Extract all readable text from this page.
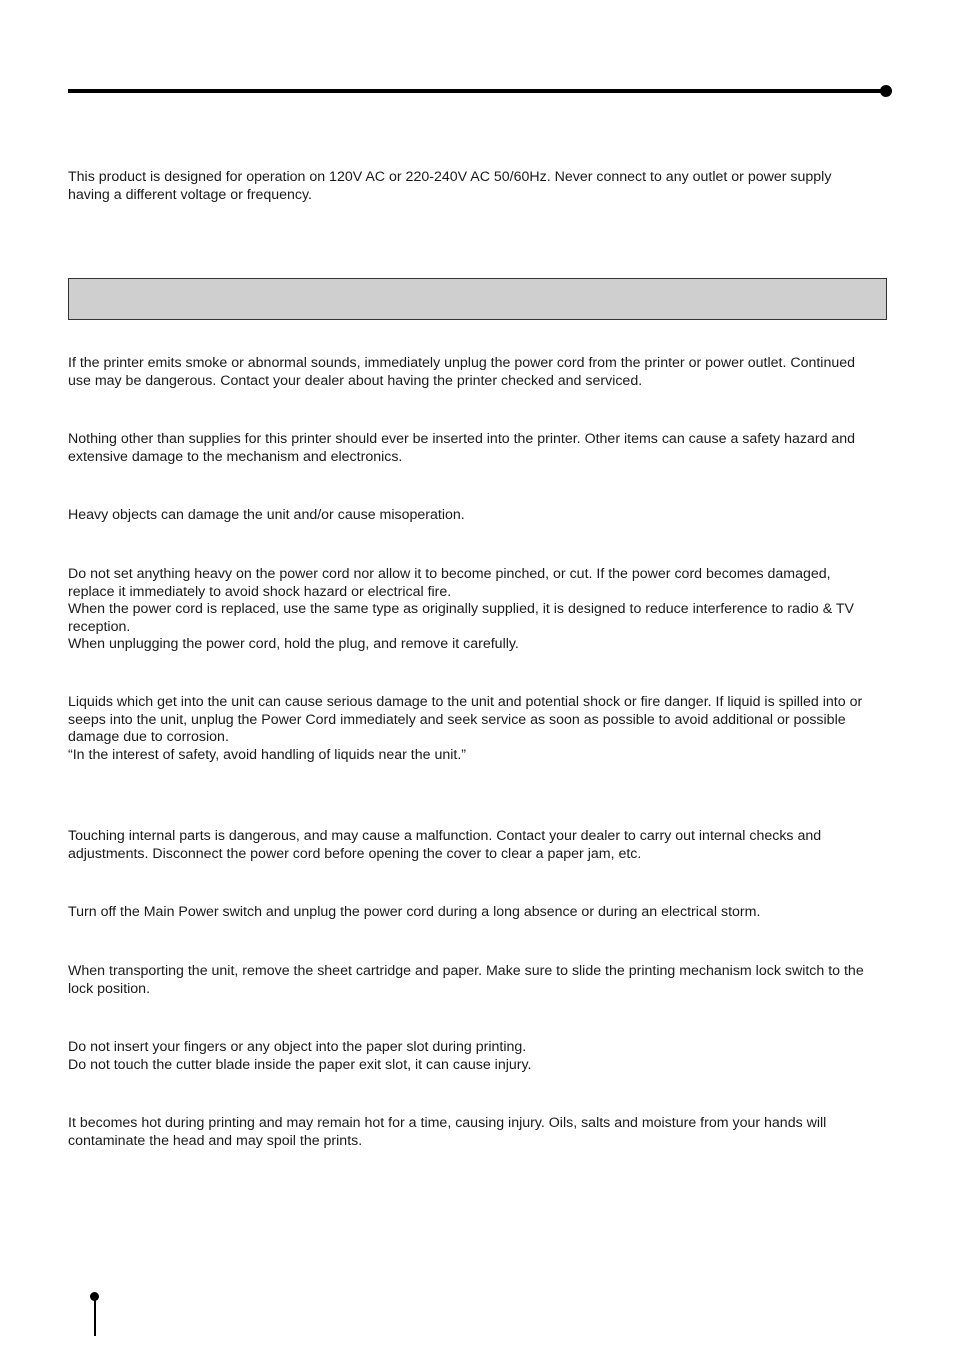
This product is designed for operation on 120V AC or 220-240V AC 50/60Hz. Never connect to any outlet or power supply
having a different voltage or frequency.

If the printer emits smoke or abnormal sounds, immediately unplug the power cord from the printer or power outlet. Continued
use may be dangerous. Contact your dealer about having the printer checked and serviced.

Nothing other than supplies for this printer should ever be inserted into the printer. Other items can cause a safety hazard and
extensive damage to the mechanism and electronics.

Heavy objects can damage the unit and/or cause misoperation.

Do not set anything heavy on the power cord nor allow it to become pinched, or cut. If the power cord becomes damaged,
replace it immediately to avoid shock hazard or electrical fire.
When the power cord is replaced, use the same type as originally supplied, it is designed to reduce interference to radio & TV
reception.
When unplugging the power cord, hold the plug, and remove it carefully.

Liquids which get into the unit can cause serious damage to the unit and potential shock or fire danger. If liquid is spilled into or
seeps into the unit, unplug the Power Cord immediately and seek service as soon as possible to avoid additional or possible
damage due to corrosion.
“In the interest of safety, avoid handling of liquids near the unit.”

Touching internal parts is dangerous, and may cause a malfunction. Contact your dealer to carry out internal checks and
adjustments. Disconnect the power cord before opening the cover to clear a paper jam, etc.

Turn off the Main Power switch and unplug the power cord during a long absence or during an electrical storm.

When transporting the unit, remove the sheet cartridge and paper. Make sure to slide the printing mechanism lock switch to the
lock position.

Do not insert your fingers or any object into the paper slot during printing.
Do not touch the cutter blade inside the paper exit slot, it can cause injury.

It becomes hot during printing and may remain hot for a time, causing injury. Oils, salts and moisture from your hands will
contaminate the head and may spoil the prints.
